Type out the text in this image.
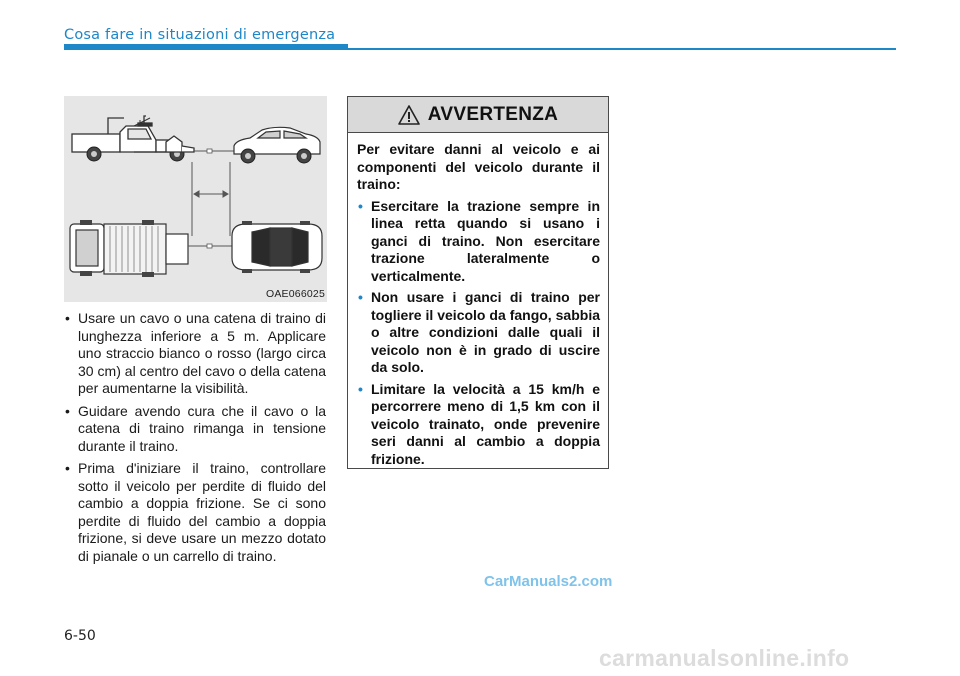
Cosa fare in situazioni di emergenza
OAE066025
• Usare un cavo o una catena di traino di lunghezza inferiore a 5 m. Applicare uno straccio bianco o rosso (largo circa 30 cm) al centro del cavo o della catena per aumentarne la visibilità.
• Guidare avendo cura che il cavo o la catena di traino rimanga in tensione durante il traino.
• Prima d'iniziare il traino, controllare sotto il veicolo per perdite di fluido del cambio a doppia frizione. Se ci sono perdite di fluido del cambio a doppia frizione, si deve usare un mezzo dotato di pianale o un carrello di traino.
AVVERTENZA

Per evitare danni al veicolo e ai componenti del veicolo durante il traino:

• Esercitare la trazione sempre in linea retta quando si usano i ganci di traino. Non esercitare trazione lateralmente o verticalmente.
• Non usare i ganci di traino per togliere il veicolo da fango, sabbia o altre condizioni dalle quali il veicolo non è in grado di uscire da solo.
• Limitare la velocità a 15 km/h e percorrere meno di 1,5 km con il veicolo trainato, onde prevenire seri danni al cambio a doppia frizione.
CarManuals2.com
6-50
carmanualsonline.info
